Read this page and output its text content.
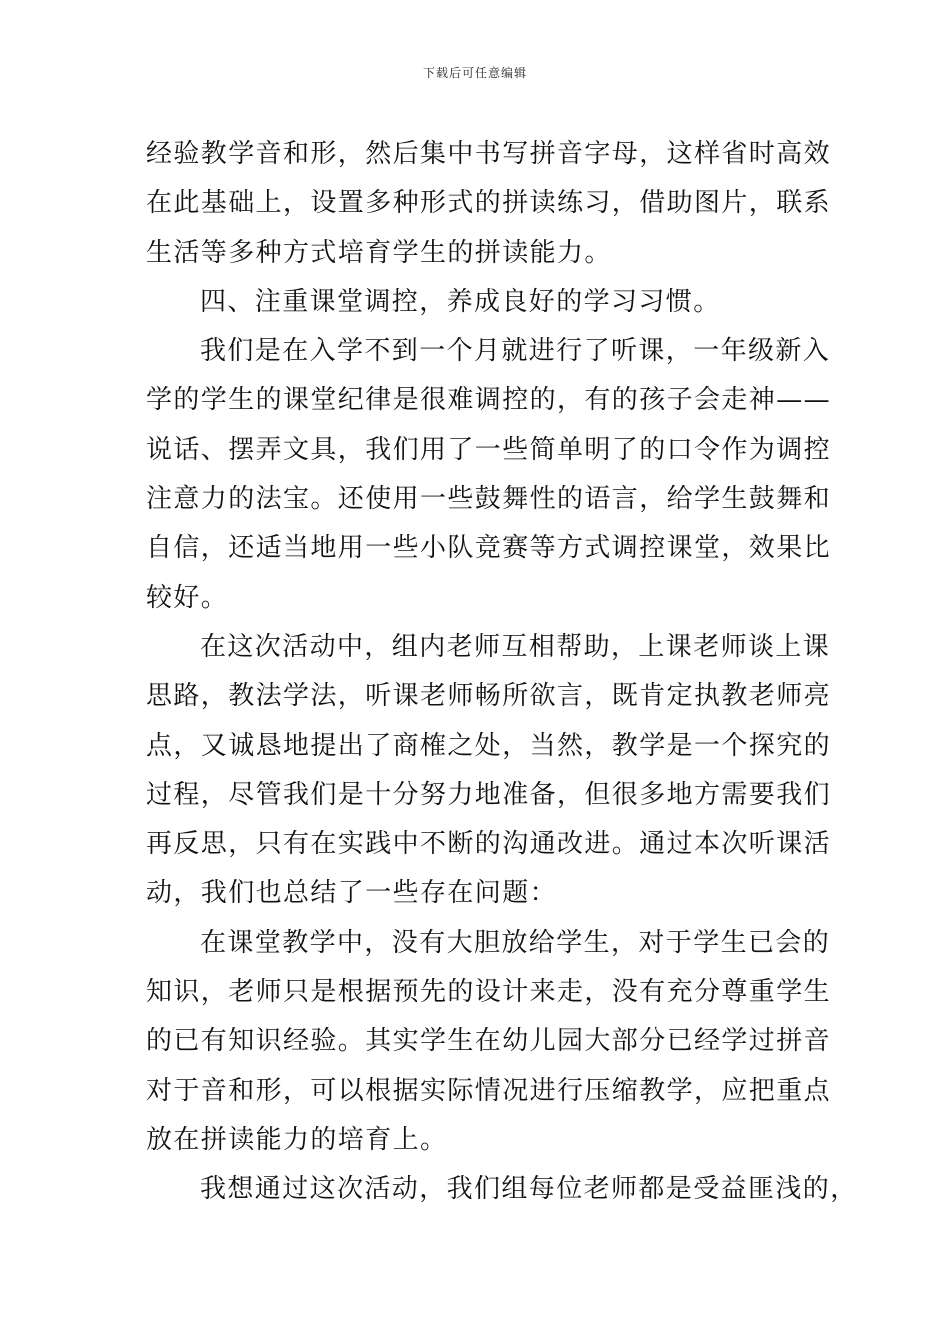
下载后可任意编辑
经验教学音和形，然后集中书写拼音字母，这样省时高效
在此基础上，设置多种形式的拼读练习，借助图片，联系
生活等多种方式培育学生的拼读能力。
四、注重课堂调控，养成良好的学习习惯。
我们是在入学不到一个月就进行了听课，一年级新入
学的学生的课堂纪律是很难调控的，有的孩子会走神——
说话、摆弄文具，我们用了一些简单明了的口令作为调控
注意力的法宝。还使用一些鼓舞性的语言，给学生鼓舞和
自信，还适当地用一些小队竞赛等方式调控课堂，效果比
较好。
在这次活动中，组内老师互相帮助，上课老师谈上课
思路，教法学法，听课老师畅所欲言，既肯定执教老师亮
点，又诚恳地提出了商榷之处，当然，教学是一个探究的
过程，尽管我们是十分努力地准备，但很多地方需要我们
再反思，只有在实践中不断的沟通改进。通过本次听课活
动，我们也总结了一些存在问题：
在课堂教学中，没有大胆放给学生，对于学生已会的
知识，老师只是根据预先的设计来走，没有充分尊重学生
的已有知识经验。其实学生在幼儿园大部分已经学过拼音
对于音和形，可以根据实际情况进行压缩教学，应把重点
放在拼读能力的培育上。
我想通过这次活动，我们组每位老师都是受益匪浅的，
